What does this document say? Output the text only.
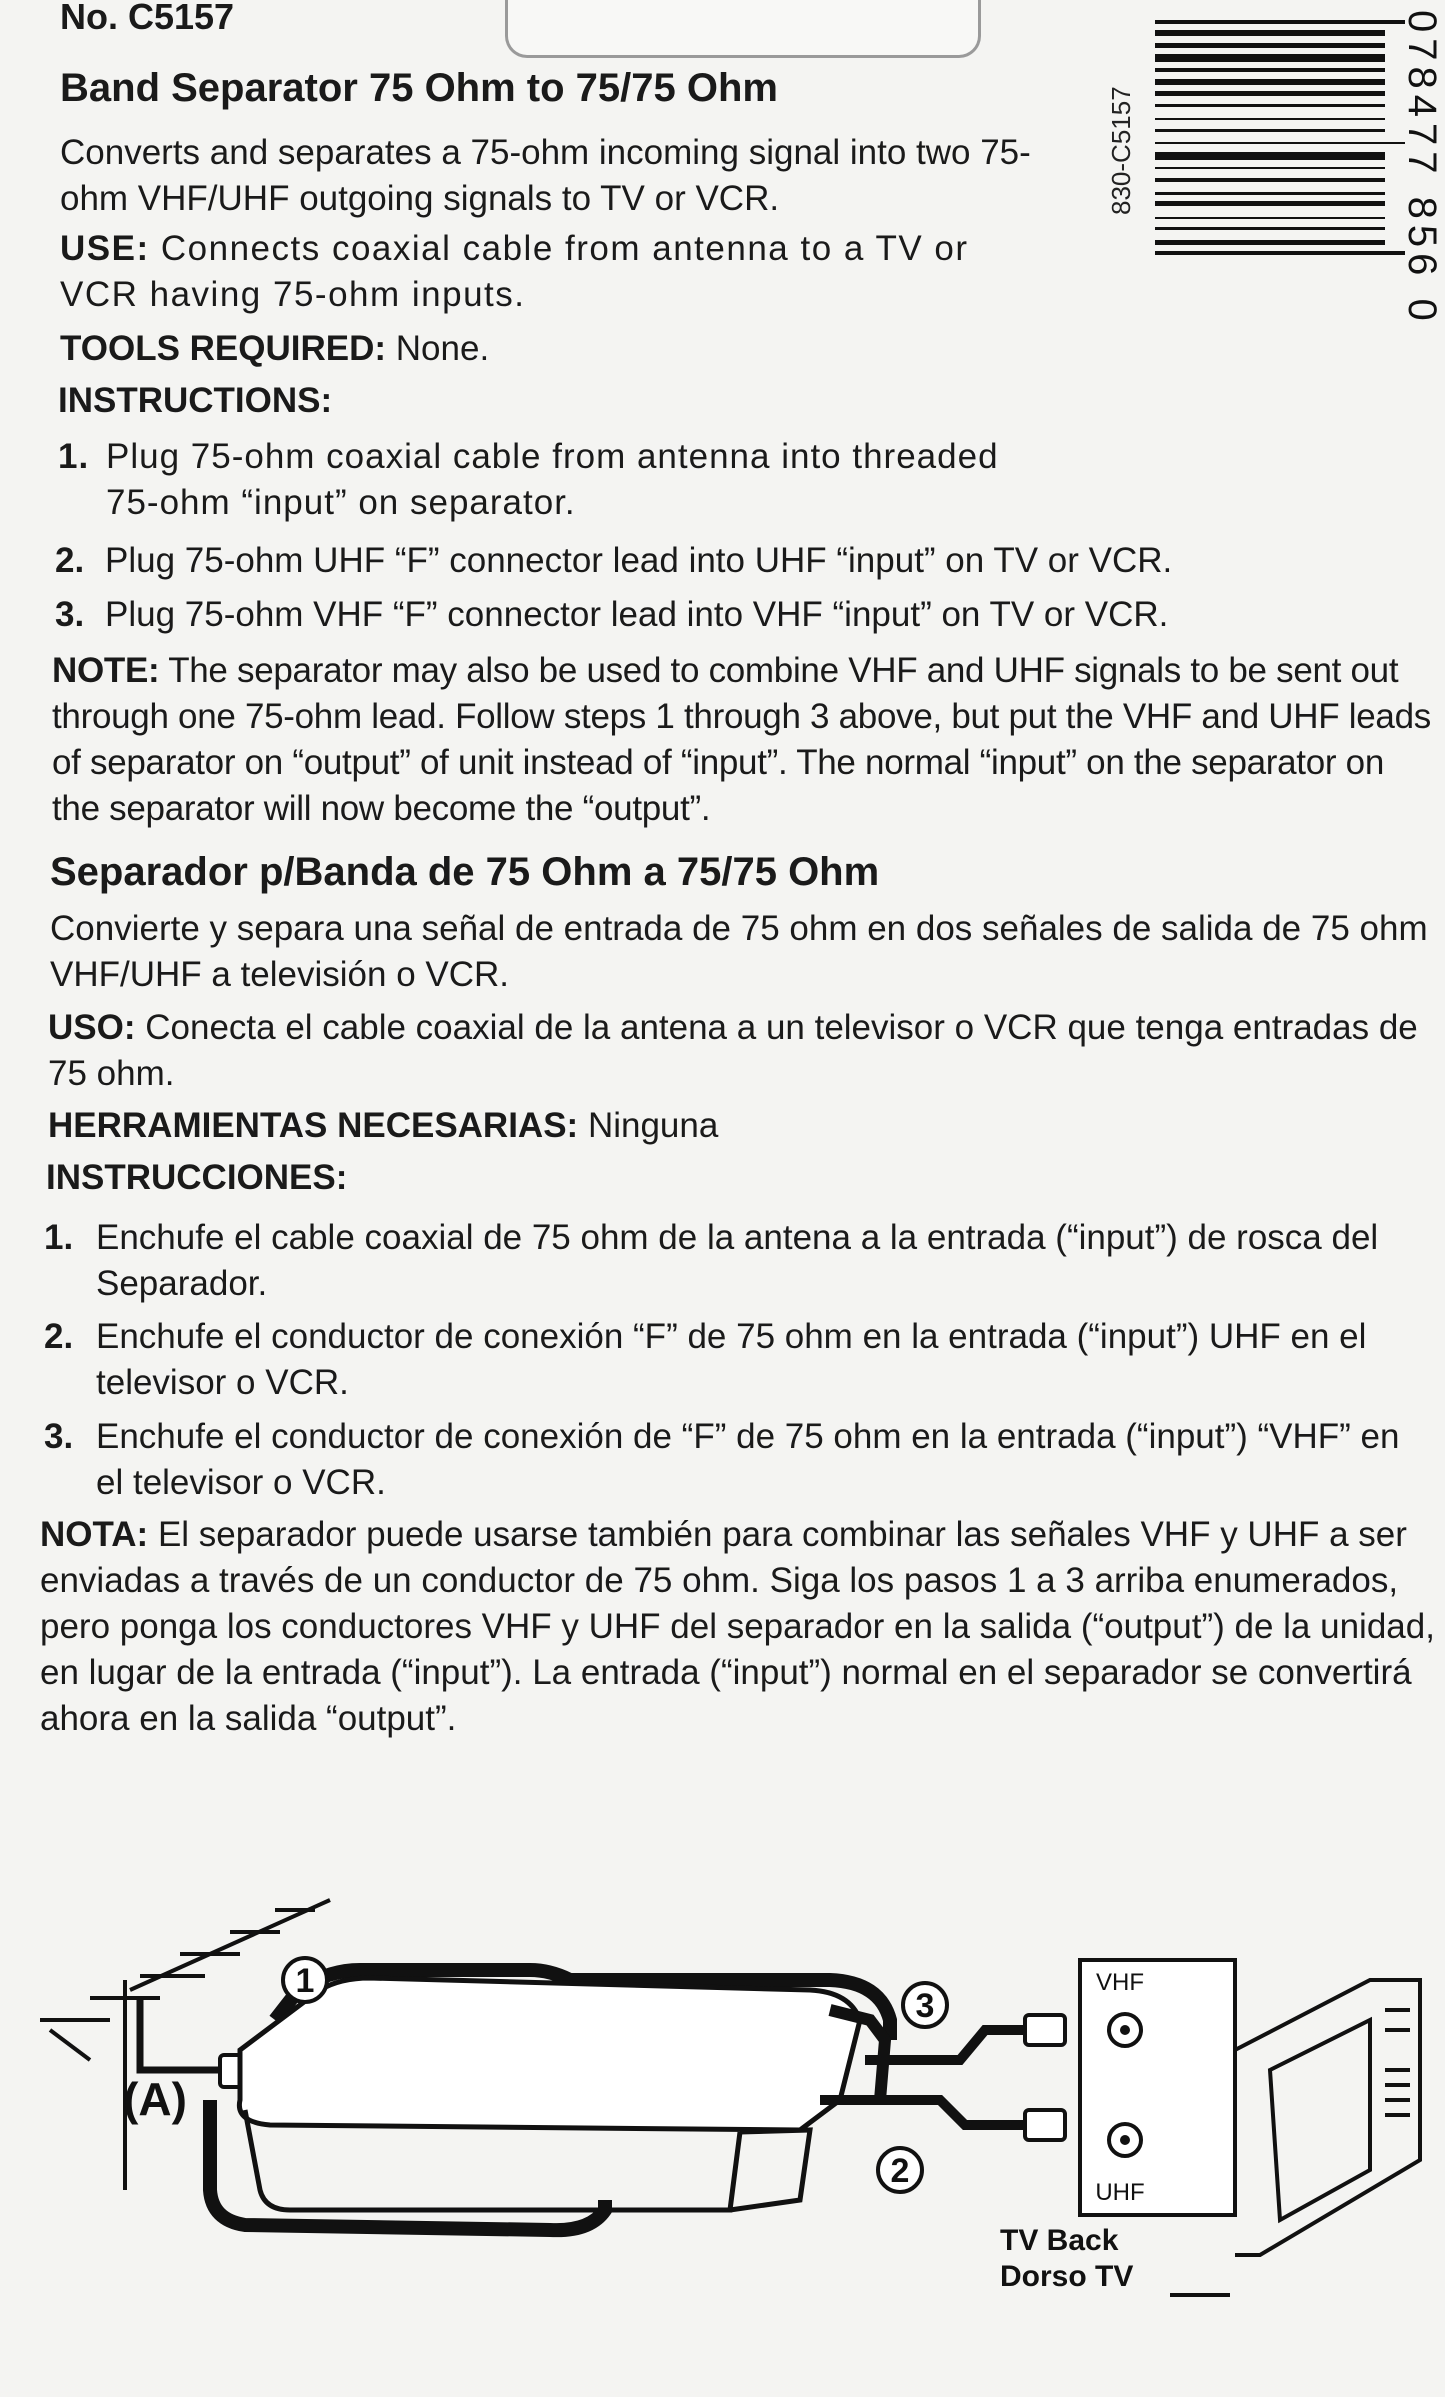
No. C5157
830-C5157	078477 856 0
Band Separator 75 Ohm to 75/75 Ohm
Converts and separates a 75-ohm incoming signal into two 75-ohm VHF/UHF outgoing signals to TV or VCR.
USE: Connects coaxial cable from antenna to a TV or VCR having 75-ohm inputs.
TOOLS REQUIRED: None.
INSTRUCTIONS:
1. Plug 75-ohm coaxial cable from antenna into threaded 75-ohm “input” on separator.
2. Plug 75-ohm UHF “F” connector lead into UHF “input” on TV or VCR.
3. Plug 75-ohm VHF “F” connector lead into VHF “input” on TV or VCR.
NOTE: The separator may also be used to combine VHF and UHF signals to be sent out through one 75-ohm lead. Follow steps 1 through 3 above, but put the VHF and UHF leads of separator on “output” of unit instead of “input”. The normal “input” on the separator on the separator will now become the “output”.
Separador p/Banda de 75 Ohm a 75/75 Ohm
Convierte y separa una señal de entrada de 75 ohm en dos señales de salida de 75 ohm VHF/UHF a televisión o VCR.
USO: Conecta el cable coaxial de la antena a un televisor o VCR que tenga entradas de 75 ohm.
HERRAMIENTAS NECESARIAS: Ninguna
INSTRUCCIONES:
1. Enchufe el cable coaxial de 75 ohm de la antena a la entrada (“input”) de rosca del Separador.
2. Enchufe el conductor de conexión “F” de 75 ohm en la entrada (“input”) UHF en el televisor o VCR.
3. Enchufe el conductor de conexión de “F” de 75 ohm en la entrada (“input”) “VHF” en el televisor o VCR.
NOTA: El separador puede usarse también para combinar las señales VHF y UHF a ser enviadas a través de un conductor de 75 ohm. Siga los pasos 1 a 3 arriba enumerados, pero ponga los conductores VHF y UHF del separador en la salida (“output”) de la unidad, en lugar de la entrada (“input”). La entrada (“input”) normal en el separador se convertirá ahora en la salida “output”.
1
3
2
(A)
VHF
UHF
TV Back
Dorso TV
